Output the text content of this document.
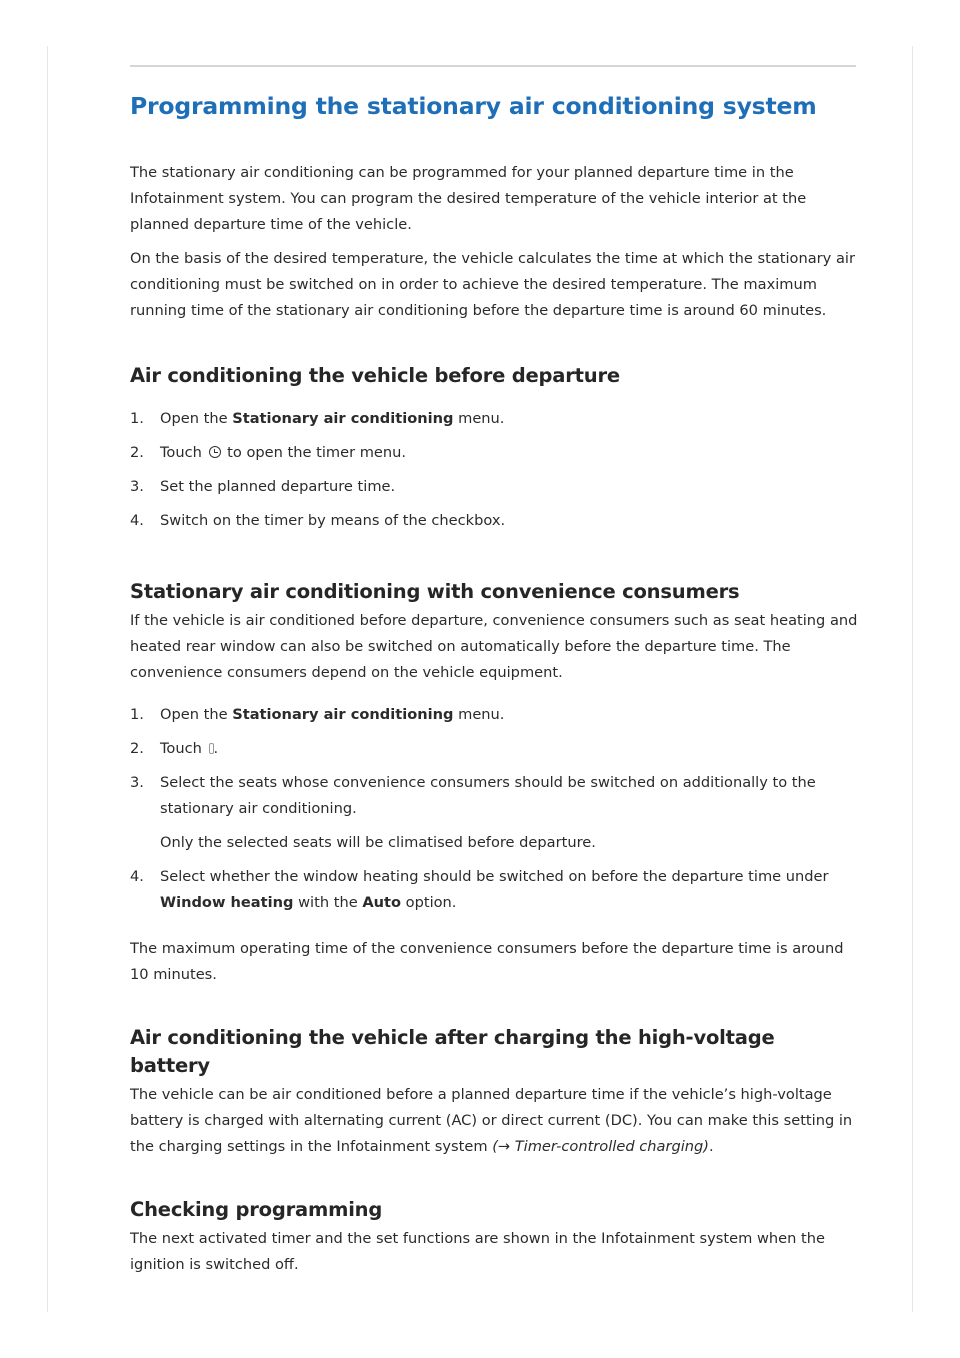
Programming the stationary air conditioning system

The stationary air conditioning can be programmed for your planned departure time in the Infotainment system. You can program the desired temperature of the vehicle interior at the planned departure time of the vehicle.

On the basis of the desired temperature, the vehicle calculates the time at which the stationary air conditioning must be switched on in order to achieve the desired temperature. The maximum running time of the stationary air conditioning before the departure time is around 60 minutes.

Air conditioning the vehicle before departure
1. Open the Stationary air conditioning menu.
2. Touch  to open the timer menu.
3. Set the planned departure time.
4. Switch on the timer by means of the checkbox.
Stationary air conditioning with convenience consumers

If the vehicle is air conditioned before departure, convenience consumers such as seat heating and heated rear window can also be switched on automatically before the departure time. The convenience consumers depend on the vehicle equipment.

1. Open the Stationary air conditioning menu.
2. Touch .
3. Select the seats whose convenience consumers should be switched on additionally to the stationary air conditioning.
Only the selected seats will be climatised before departure.
4. Select whether the window heating should be switched on before the departure time under Window heating with the Auto option.

The maximum operating time of the convenience consumers before the departure time is around 10 minutes.

Air conditioning the vehicle after charging the high-voltage battery

The vehicle can be air conditioned before a planned departure time if the vehicle’s high-voltage battery is charged with alternating current (AC) or direct current (DC). You can make this setting in the charging settings in the Infotainment system (→ Timer-controlled charging).

Checking programming

The next activated timer and the set functions are shown in the Infotainment system when the ignition is switched off.
